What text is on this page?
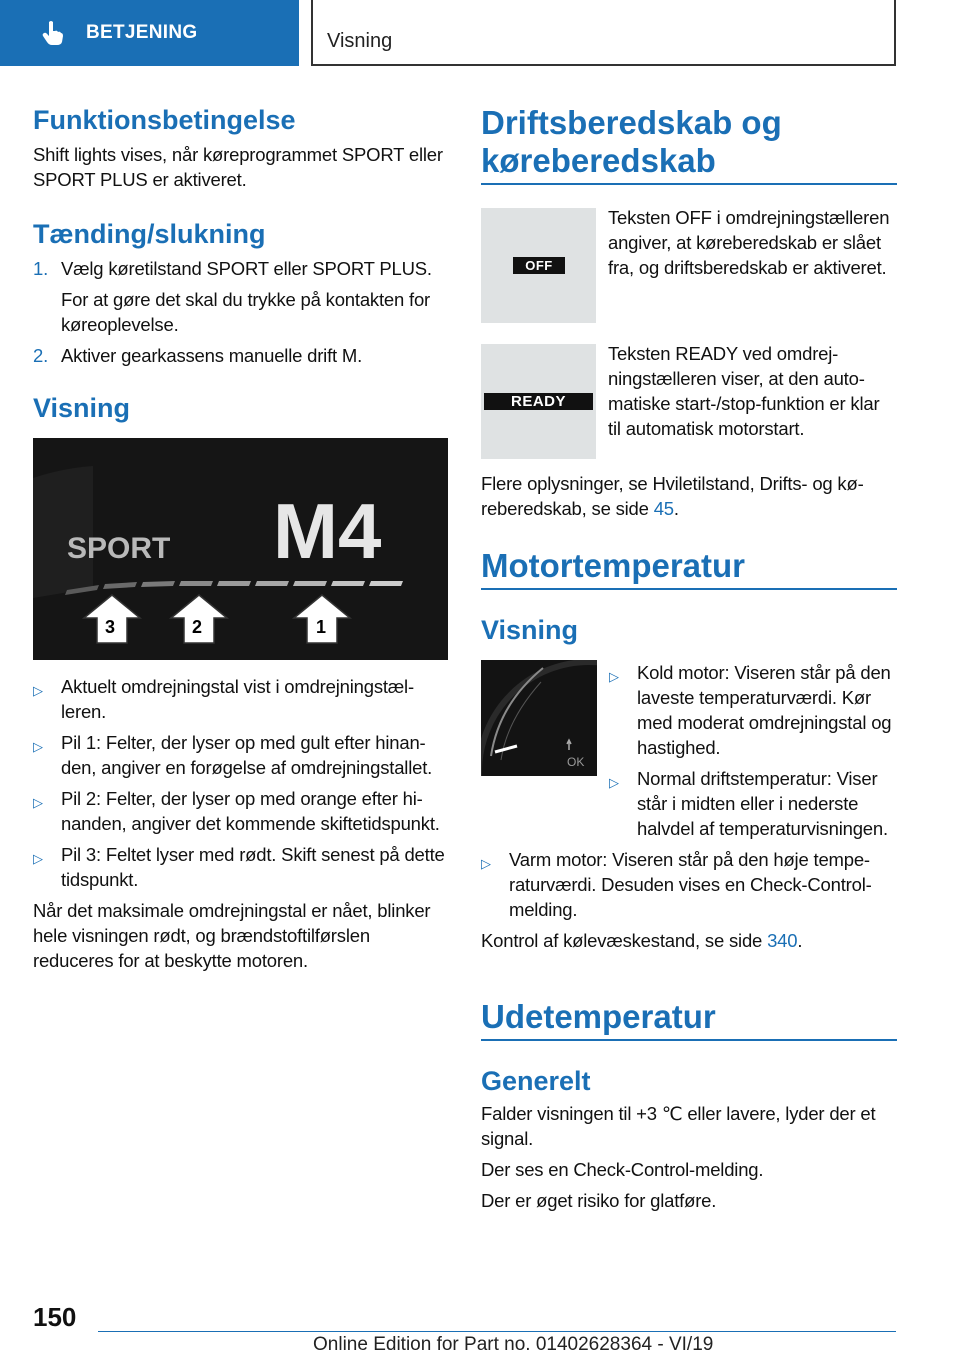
BETJENING	Visning
Funktionsbetingelse

Shift lights vises, når køreprogrammet SPORT eller SPORT PLUS er aktiveret.

Tænding/slukning
1. Vælg køretilstand SPORT eller SPORT PLUS.
For at gøre det skal du trykke på kontakten for køreoplevelse.
2. Aktiver gearkassens manuelle drift M.
Visning
SPORT M4
3	2	1
▷ Aktuelt omdrejningstal vist i omdrejningstælleren.
▷ Pil 1: Felter, der lyser op med gult efter hinanden, angiver en forøgelse af omdrejningstallet.
▷ Pil 2: Felter, der lyser op med orange efter hinanden, angiver det kommende skiftetidspunkt.
▷ Pil 3: Feltet lyser med rødt. Skift senest på dette tidspunkt.

Når det maksimale omdrejningstal er nået, blinker hele visningen rødt, og brændstoftilførslen reduceres for at beskytte motoren.

Driftsberedskab og køreberedskab
OFF

Teksten OFF i omdrejningstælleren angiver, at køreberedskab er slået fra, og driftsberedskab er aktiveret.

READY

Teksten READY ved omdrejningstælleren viser, at den automatiske start-/stop-funktion er klar til automatisk motorstart.

Flere oplysninger, se Hviletilstand, Drifts- og køreberedskab, se side 45.

Motortemperatur
Visning
OK
▷ Kold motor: Viseren står på den laveste temperaturværdi. Kør med moderat omdrejningstal og hastighed.
▷ Normal driftstemperatur: Viser står i midten eller i nederste halvdel af temperaturvisningen.
▷ Varm motor: Viseren står på den høje temperaturværdi. Desuden vises en Check-Control-melding.

Kontrol af kølevæskestand, se side 340.

Udetemperatur
Generelt

Falder visningen til +3 ℃ eller lavere, lyder der et signal.

Der ses en Check-Control-melding.

Der er øget risiko for glatføre.

150
Online Edition for Part no. 01402628364 - VI/19
